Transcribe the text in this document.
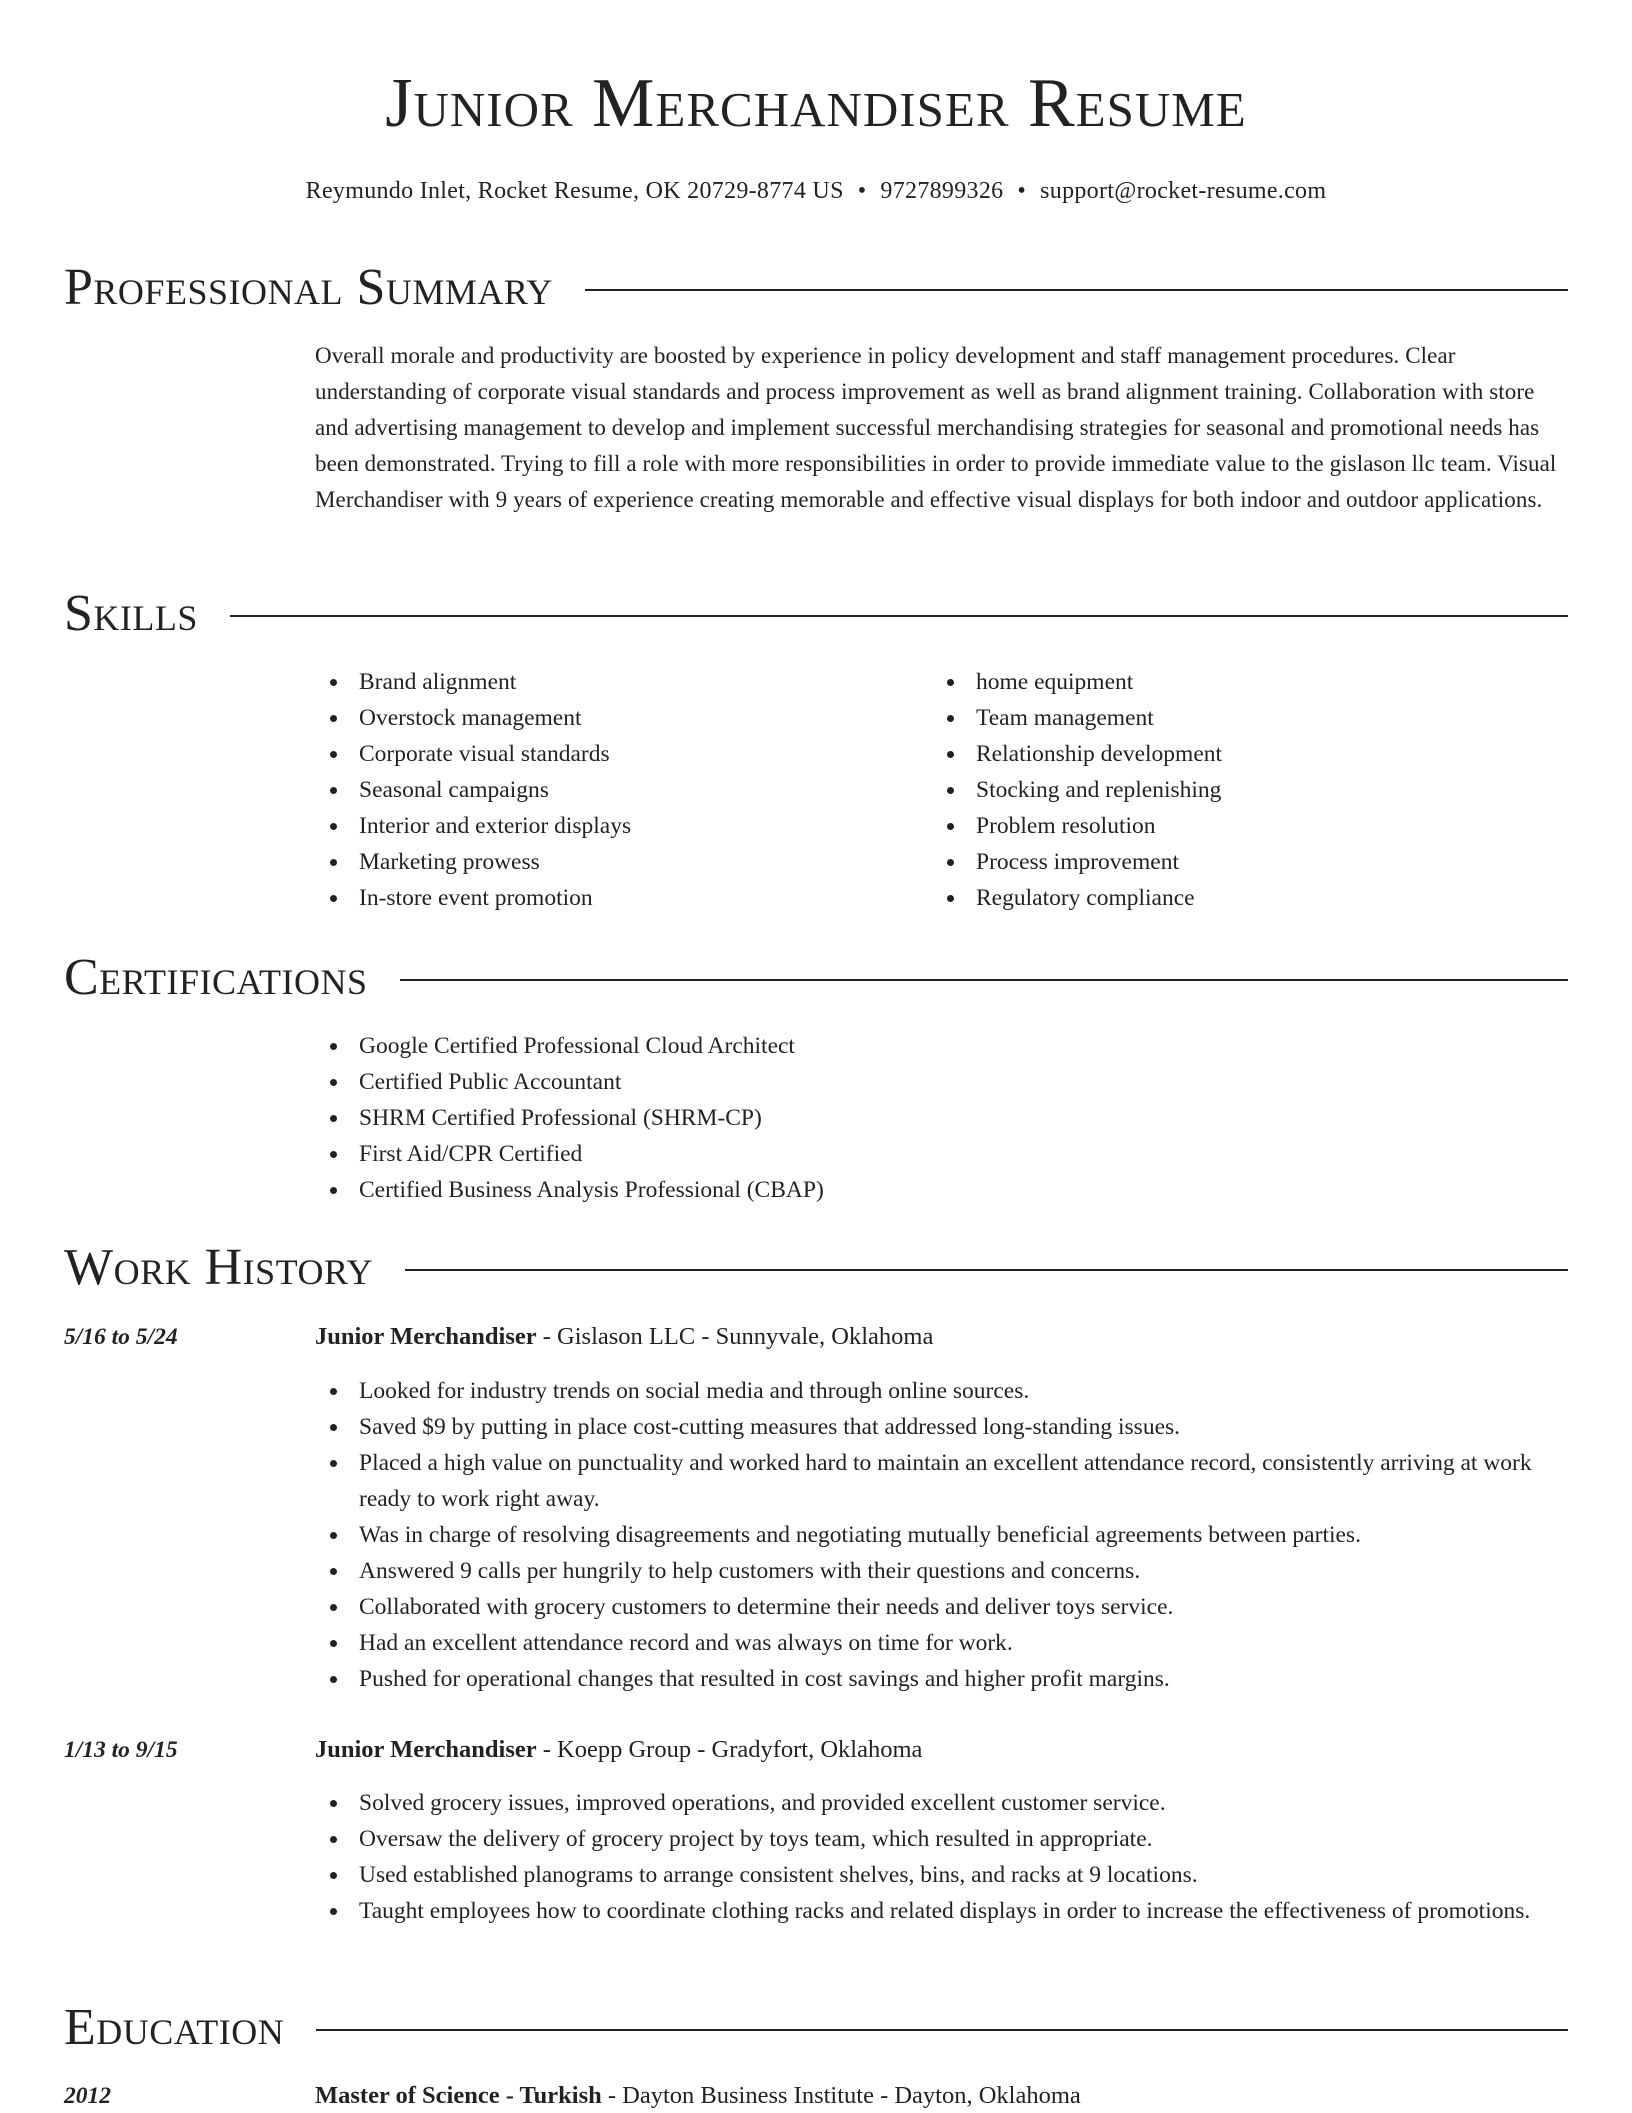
Junior Merchandiser Resume
Reymundo Inlet, Rocket Resume, OK 20729-8774 US • 9727899326 • support@rocket-resume.com
Professional Summary

Overall morale and productivity are boosted by experience in policy development and staff management procedures. Clear understanding of corporate visual standards and process improvement as well as brand alignment training. Collaboration with store and advertising management to develop and implement successful merchandising strategies for seasonal and promotional needs has been demonstrated. Trying to fill a role with more responsibilities in order to provide immediate value to the gislason llc team. Visual Merchandiser with 9 years of experience creating memorable and effective visual displays for both indoor and outdoor applications.

Skills
Brand alignment
Overstock management
Corporate visual standards
Seasonal campaigns
Interior and exterior displays
Marketing prowess
In-store event promotion
home equipment
Team management
Relationship development
Stocking and replenishing
Problem resolution
Process improvement
Regulatory compliance
Certifications
Google Certified Professional Cloud Architect
Certified Public Accountant
SHRM Certified Professional (SHRM-CP)
First Aid/CPR Certified
Certified Business Analysis Professional (CBAP)
Work History
5/16 to 5/24	Junior Merchandiser - Gislason LLC - Sunnyvale, Oklahoma
Looked for industry trends on social media and through online sources.
Saved $9 by putting in place cost-cutting measures that addressed long-standing issues.
Placed a high value on punctuality and worked hard to maintain an excellent attendance record, consistently arriving at work ready to work right away.
Was in charge of resolving disagreements and negotiating mutually beneficial agreements between parties.
Answered 9 calls per hungrily to help customers with their questions and concerns.
Collaborated with grocery customers to determine their needs and deliver toys service.
Had an excellent attendance record and was always on time for work.
Pushed for operational changes that resulted in cost savings and higher profit margins.
1/13 to 9/15	Junior Merchandiser - Koepp Group - Gradyfort, Oklahoma
Solved grocery issues, improved operations, and provided excellent customer service.
Oversaw the delivery of grocery project by toys team, which resulted in appropriate.
Used established planograms to arrange consistent shelves, bins, and racks at 9 locations.
Taught employees how to coordinate clothing racks and related displays in order to increase the effectiveness of promotions.
Education
2012	Master of Science - Turkish - Dayton Business Institute - Dayton, Oklahoma
